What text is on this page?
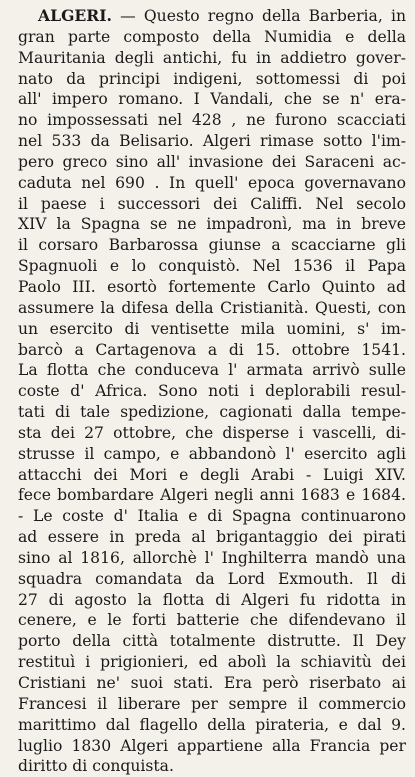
ALGERI. — Questo regno della Barberia, in
gran parte composto della Numidia e della
Mauritania degli antichi, fu in addietro gover-
nato da principi indigeni, sottomessi di poi
all' impero romano. I Vandali, che se n' era-
no impossessati nel 428 , ne furono scacciati
nel 533 da Belisario. Algeri rimase sotto l'im-
pero greco sino all' invasione dei Saraceni ac-
caduta nel 690 . In quell' epoca governavano
il paese i successori dei Califfi. Nel secolo
XIV la Spagna se ne impadronì, ma in breve
il corsaro Barbarossa giunse a scacciarne gli
Spagnuoli e lo conquistò. Nel 1536 il Papa
Paolo III. esortò fortemente Carlo Quinto ad
assumere la difesa della Cristianità. Questi, con
un esercito di ventisette mila uomini, s' im-
barcò a Cartagenova a di 15. ottobre 1541.
La flotta che conduceva l' armata arrivò sulle
coste d' Africa. Sono noti i deplorabili resul-
tati di tale spedizione, cagionati dalla tempe-
sta dei 27 ottobre, che disperse i vascelli, di-
strusse il campo, e abbandonò l' esercito agli
attacchi dei Mori e degli Arabi - Luigi XIV.
fece bombardare Algeri negli anni 1683 e 1684.
- Le coste d' Italia e di Spagna continuarono
ad essere in preda al brigantaggio dei pirati
sino al 1816, allorchè l' Inghilterra mandò una
squadra comandata da Lord Exmouth. Il di
27 di agosto la flotta di Algeri fu ridotta in
cenere, e le forti batterie che difendevano il
porto della città totalmente distrutte. Il Dey
restituì i prigionieri, ed abolì la schiavitù dei
Cristiani ne' suoi stati. Era però riserbato ai
Francesi il liberare per sempre il commercio
marittimo dal flagello della pirateria, e dal 9.
luglio 1830 Algeri appartiene alla Francia per
diritto di conquista.
